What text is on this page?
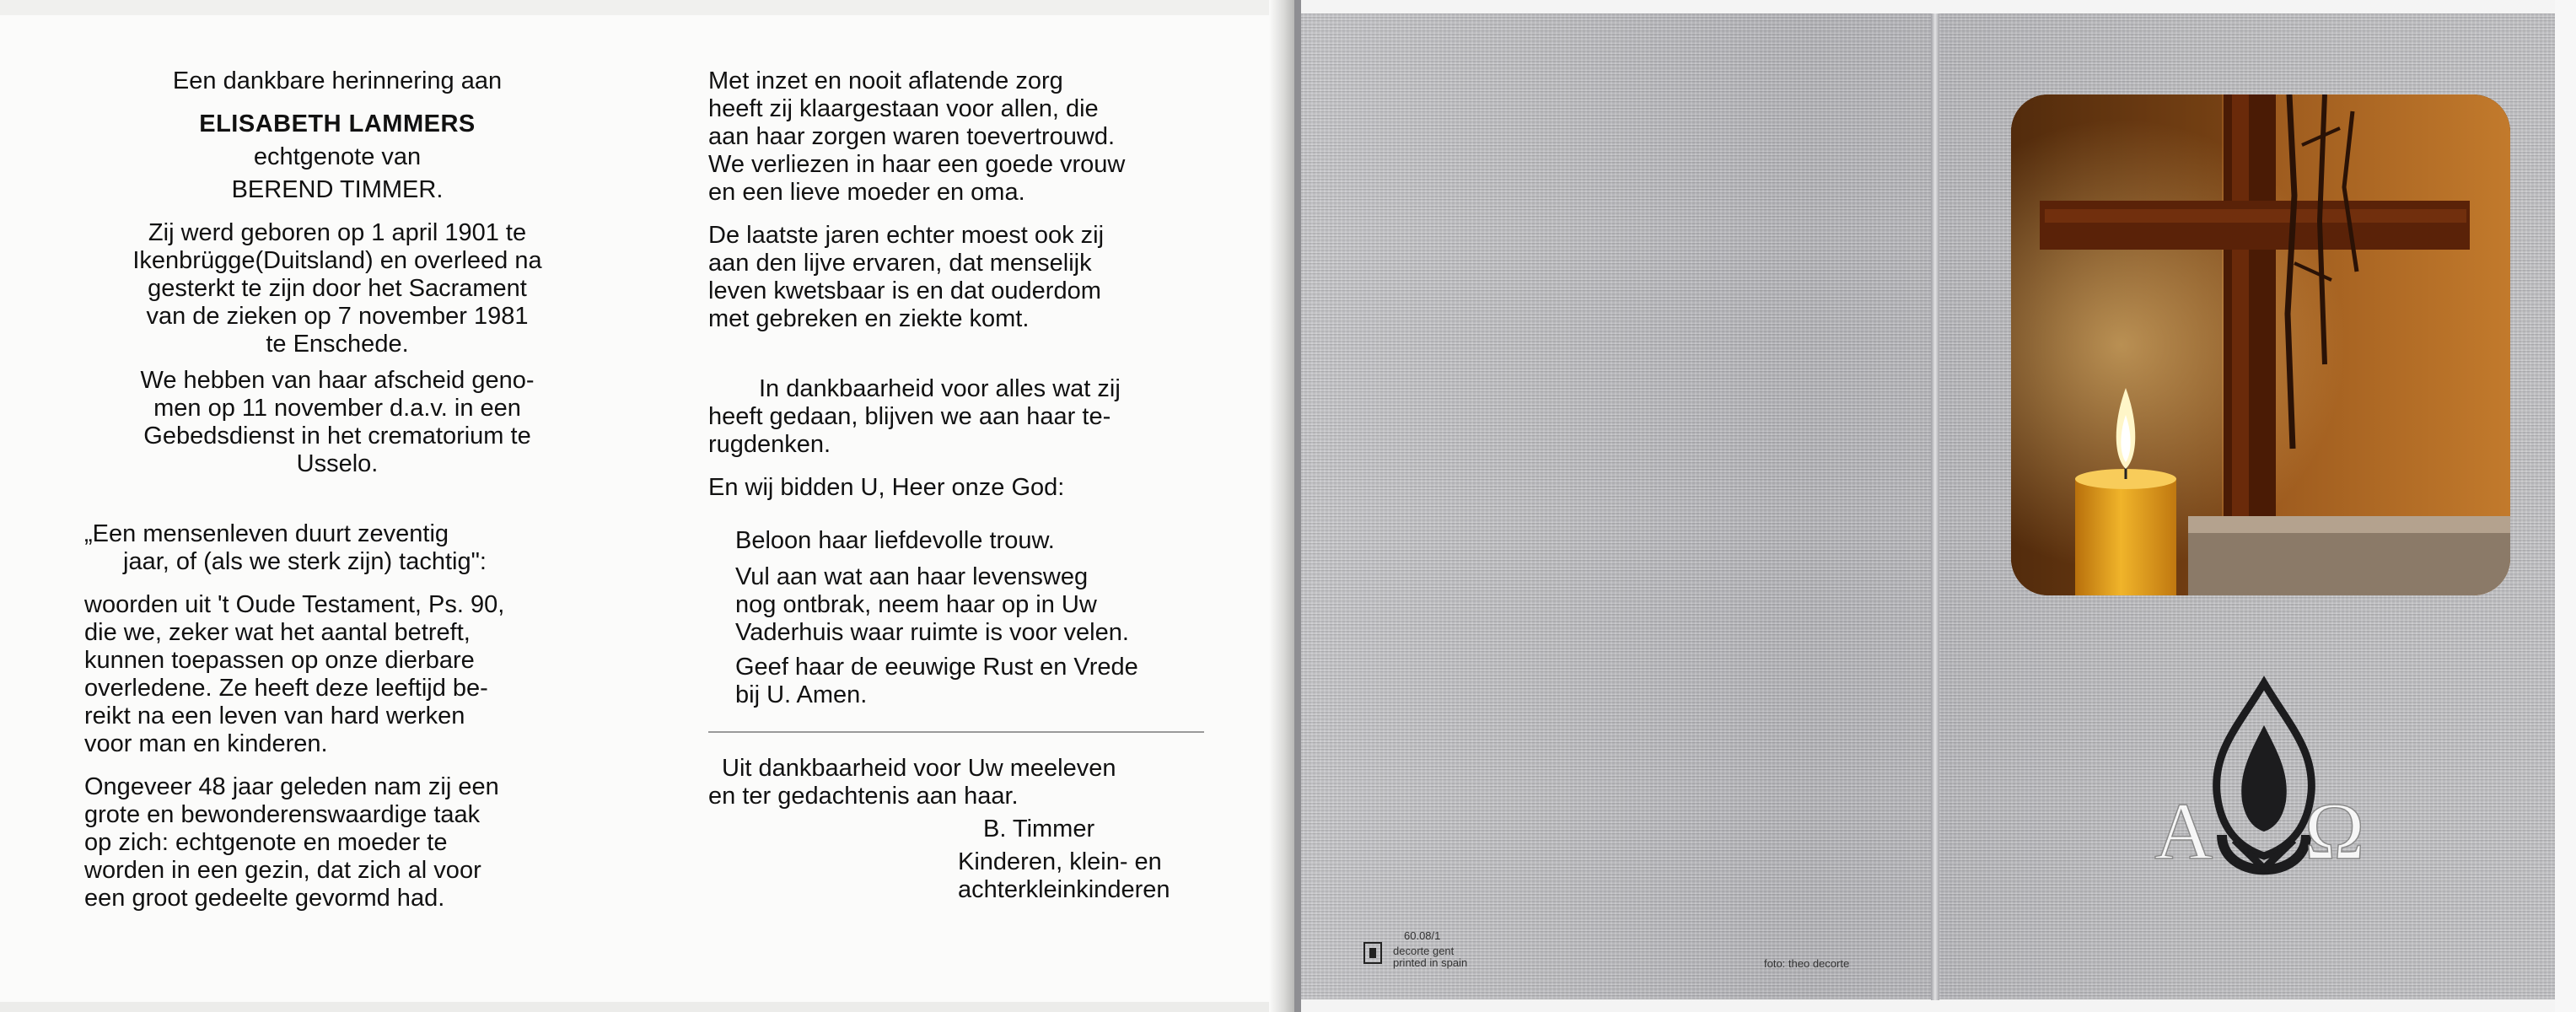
Een dankbare herinnering aan
ELISABETH LAMMERS
echtgenote van
BEREND TIMMER.
Zij werd geboren op 1 april 1901 te
Ikenbrügge(Duitsland) en overleed na
gesterkt te zijn door het Sacrament
van de zieken op 7 november 1981
te Enschede.
We hebben van haar afscheid geno-
men op 11 november d.a.v. in een
Gebedsdienst in het crematorium te
Usselo.
„Een mensenleven duurt zeventig
jaar, of (als we sterk zijn) tachtig":
woorden uit 't Oude Testament, Ps. 90,
die we, zeker wat het aantal betreft,
kunnen toepassen op onze dierbare
overledene. Ze heeft deze leeftijd be-
reikt na een leven van hard werken
voor man en kinderen.
Ongeveer 48 jaar geleden nam zij een
grote en bewonderenswaardige taak
op zich: echtgenote en moeder te
worden in een gezin, dat zich al voor
een groot gedeelte gevormd had.
Met inzet en nooit aflatende zorg
heeft zij klaargestaan voor allen, die
aan haar zorgen waren toevertrouwd.
We verliezen in haar een goede vrouw
en een lieve moeder en oma.
De laatste jaren echter moest ook zij
aan den lijve ervaren, dat menselijk
leven kwetsbaar is en dat ouderdom
met gebreken en ziekte komt.
In dankbaarheid voor alles wat zij
heeft gedaan, blijven we aan haar te-
rugdenken.
En wij bidden U, Heer onze God:
Beloon haar liefdevolle trouw.
Vul aan wat aan haar levensweg
nog ontbrak, neem haar op in Uw
Vaderhuis waar ruimte is voor velen.
Geef haar de eeuwige Rust en Vrede
bij U. Amen.
Uit dankbaarheid voor Uw meeleven
en ter gedachtenis aan haar.
B. Timmer
Kinderen, klein- en
achterkleinkinderen
A Ω
60.08/1
decorte gent
printed in spain	foto: theo decorte
